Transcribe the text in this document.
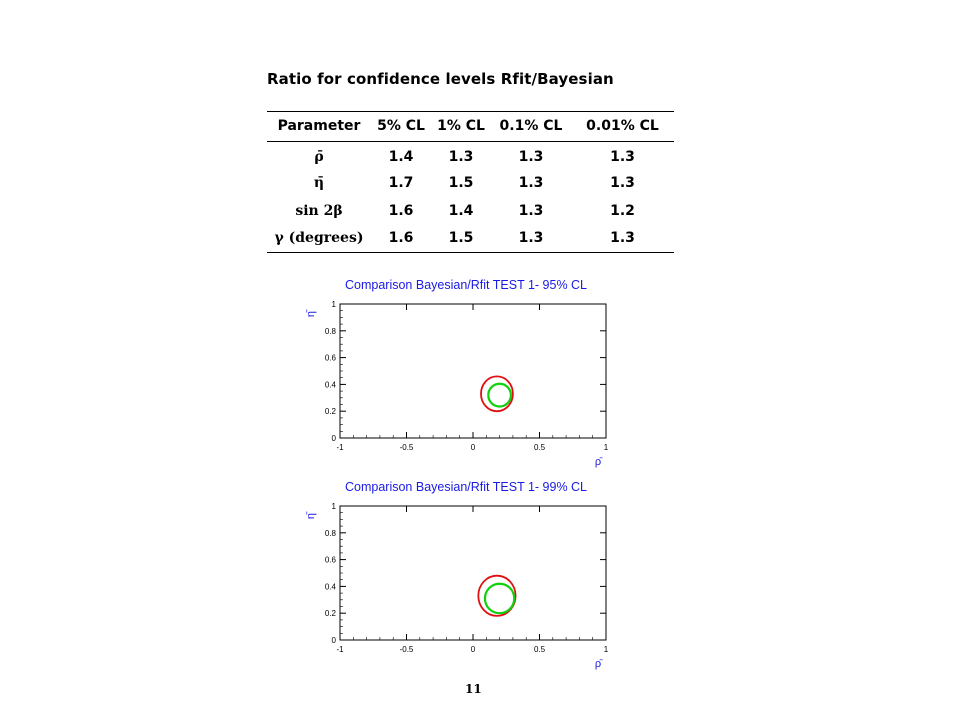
Ratio for confidence levels Rfit/Bayesian
Parameter	5% CL	1% CL	0.1% CL	0.01% CL
ρ̄	1.4	1.3	1.3	1.3
η̄	1.7	1.5	1.3	1.3
sin 2β	1.6	1.4	1.3	1.2
γ (degrees)	1.6	1.5	1.3	1.3
Comparison Bayesian/Rfit TEST 1- 95% CL
-1	-0.5	0	0.5	1
0
0.2
0.4
0.6
0.8
1
ρ̄
η̄
Comparison Bayesian/Rfit TEST 1- 99% CL
-1	-0.5	0	0.5	1
0
0.2
0.4
0.6
0.8
1
ρ̄
η̄
11
